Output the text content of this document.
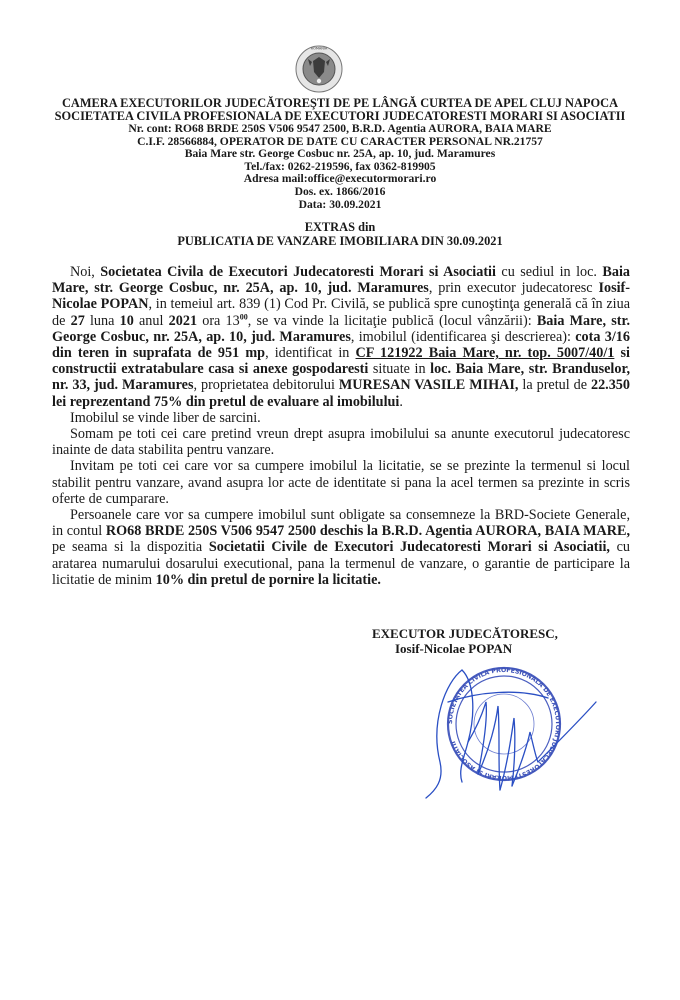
ROMÂNIA
CAMERA EXECUTORILOR JUDECĂTOREŞTI DE PE LÂNGĂ CURTEA DE APEL CLUJ NAPOCA
SOCIETATEA CIVILA PROFESIONALA DE EXECUTORI JUDECATORESTI MORARI SI ASOCIATII
Nr. cont: RO68 BRDE 250S V506 9547 2500, B.R.D. Agentia AURORA, BAIA MARE
C.I.F. 28566884, OPERATOR DE DATE CU CARACTER PERSONAL NR.21757
Baia Mare str. George Cosbuc nr. 25A, ap. 10, jud. Maramures
Tel./fax: 0262-219596, fax 0362-819905
Adresa mail:office@executormorari.ro
Dos. ex. 1866/2016
Data: 30.09.2021
EXTRAS din
PUBLICATIA DE VANZARE IMOBILIARA DIN 30.09.2021

Noi, Societatea Civila de Executori Judecatoresti Morari si Asociatii cu sediul in loc. Baia Mare, str. George Cosbuc, nr. 25A, ap. 10, jud. Maramures, prin executor judecatoresc Iosif-Nicolae POPAN, in temeiul art. 839 (1) Cod Pr. Civilă, se publică spre cunoştinţa generală că în ziua de 27 luna 10 anul 2021 ora $13^{00}$, se va vinde la licitaţie publică (locul vânzării): Baia Mare, str. George Cosbuc, nr. 25A, ap. 10, jud. Maramures, imobilul (identificarea şi descrierea): cota 3/16 din teren in suprafata de 951 mp, identificat in CF 121922 Baia Mare, nr. top. 5007/40/1 si constructii extratabulare casa si anexe gospodaresti situate in loc. Baia Mare, str. Branduselor, nr. 33, jud. Maramures, proprietatea debitorului MURESAN VASILE MIHAI, la pretul de 22.350 lei reprezentand 75% din pretul de evaluare al imobilului.

Imobilul se vinde liber de sarcini.

Somam pe toti cei care pretind vreun drept asupra imobilului sa anunte executorul judecatoresc inainte de data stabilita pentru vanzare.

Invitam pe toti cei care vor sa cumpere imobilul la licitatie, se se prezinte la termenul si locul stabilit pentru vanzare, avand asupra lor acte de identitate si pana la acel termen sa prezinte in scris oferte de cumparare.

Persoanele care vor sa cumpere imobilul sunt obligate sa consemneze la BRD-Societe Generale, in contul RO68 BRDE 250S V506 9547 2500 deschis la B.R.D. Agentia AURORA, BAIA MARE, pe seama si la dispozitia Societatii Civile de Executori Judecatoresti Morari si Asociatii, cu aratarea numarului dosarului executional, pana la termenul de vanzare, o garantie de participare la licitatie de minim 10% din pretul de pornire la licitatie.

EXECUTOR JUDECĂTORESC,
Iosif-Nicolae POPAN
SOCIETATEA CIVILA PROFESIONALA DE EXECUTORI JUDECATORESTI MORARI SI ASOCIATII
